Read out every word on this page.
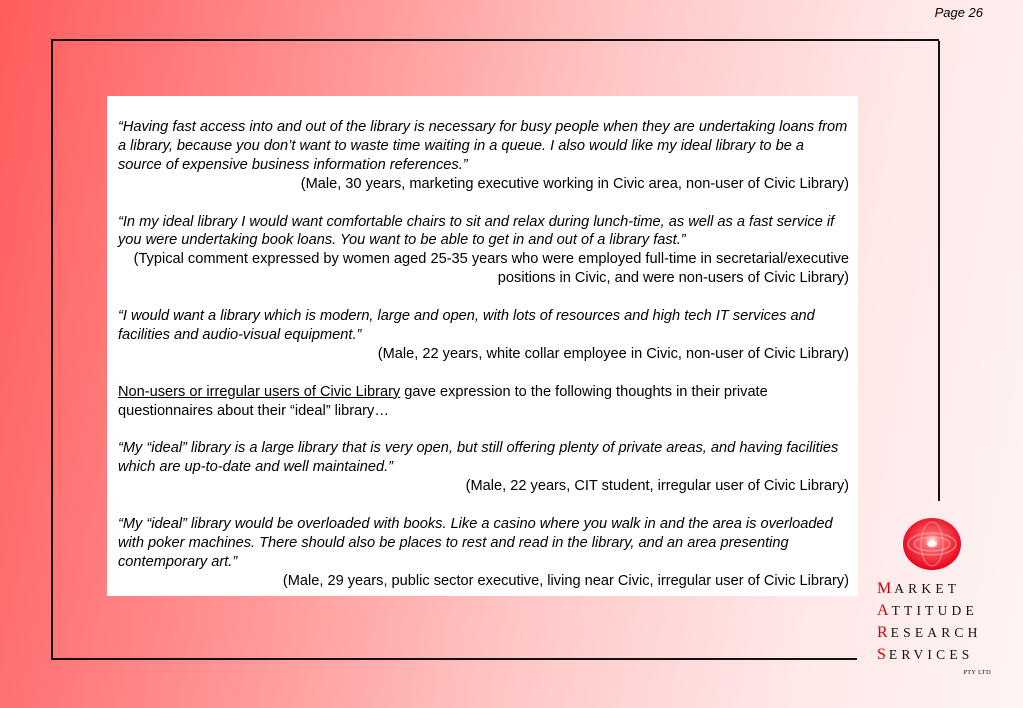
Page 26
“Having fast access into and out of the library is necessary for busy people when they are undertaking loans from a library, because you don’t want to waste time waiting in a queue. I also would like my ideal library to be a source of expensive business information references.”
(Male, 30 years, marketing executive working in Civic area, non-user of Civic Library)
“In my ideal library I would want comfortable chairs to sit and relax during lunch-time, as well as a fast service if you were undertaking book loans. You want to be able to get in and out of a library fast.”
(Typical comment expressed by women aged 25-35 years who were employed full-time in secretarial/executive positions in Civic, and were non-users of Civic Library)
“I would want a library which is modern, large and open, with lots of resources and high tech IT services and facilities and audio-visual equipment.”
(Male, 22 years, white collar employee in Civic, non-user of Civic Library)
Non-users or irregular users of Civic Library gave expression to the following thoughts in their private questionnaires about their “ideal” library…
“My “ideal” library is a large library that is very open, but still offering plenty of private areas, and having facilities which are up-to-date and well maintained.”
(Male, 22 years, CIT student, irregular user of Civic Library)
“My “ideal” library would be overloaded with books. Like a casino where you walk in and the area is overloaded with poker machines. There should also be places to rest and read in the library, and an area presenting contemporary art.”
(Male, 29 years, public sector executive, living near Civic, irregular user of Civic Library) MARKET
ATTITUDE
RESEARCH
SERVICES
PTY LTD
